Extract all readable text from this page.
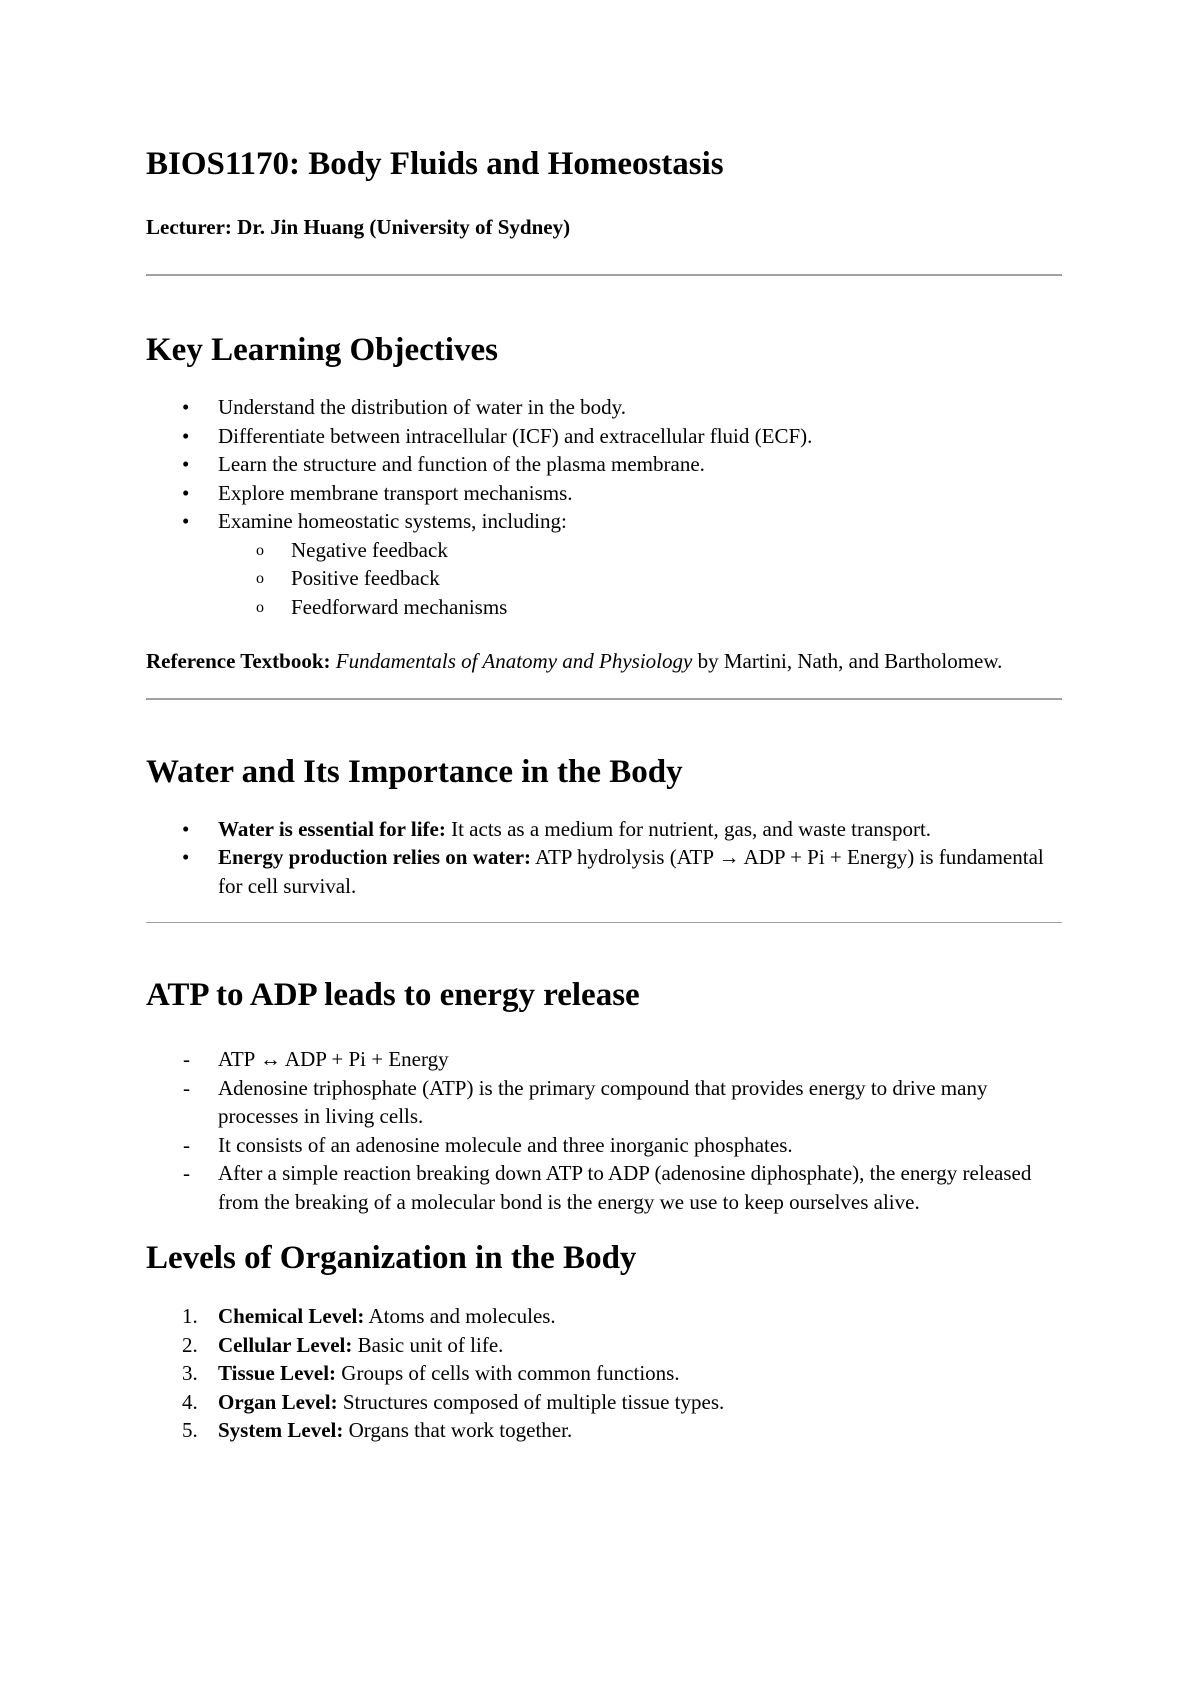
BIOS1170: Body Fluids and Homeostasis

Lecturer: Dr. Jin Huang (University of Sydney)

Key Learning Objectives
• Understand the distribution of water in the body.
• Differentiate between intracellular (ICF) and extracellular fluid (ECF).
• Learn the structure and function of the plasma membrane.
• Explore membrane transport mechanisms.
• Examine homeostatic systems, including:
o Negative feedback
o Positive feedback
o Feedforward mechanisms

Reference Textbook: Fundamentals of Anatomy and Physiology by Martini, Nath, and Bartholomew.

Water and Its Importance in the Body
• Water is essential for life: It acts as a medium for nutrient, gas, and waste transport.
• Energy production relies on water: ATP hydrolysis (ATP → ADP + Pi + Energy) is fundamental for cell survival.
ATP to ADP leads to energy release
- ATP ↔ ADP + Pi + Energy
- Adenosine triphosphate (ATP) is the primary compound that provides energy to drive many processes in living cells.
- It consists of an adenosine molecule and three inorganic phosphates.
- After a simple reaction breaking down ATP to ADP (adenosine diphosphate), the energy released from the breaking of a molecular bond is the energy we use to keep ourselves alive.
Levels of Organization in the Body
1. Chemical Level: Atoms and molecules.
2. Cellular Level: Basic unit of life.
3. Tissue Level: Groups of cells with common functions.
4. Organ Level: Structures composed of multiple tissue types.
5. System Level: Organs that work together.
